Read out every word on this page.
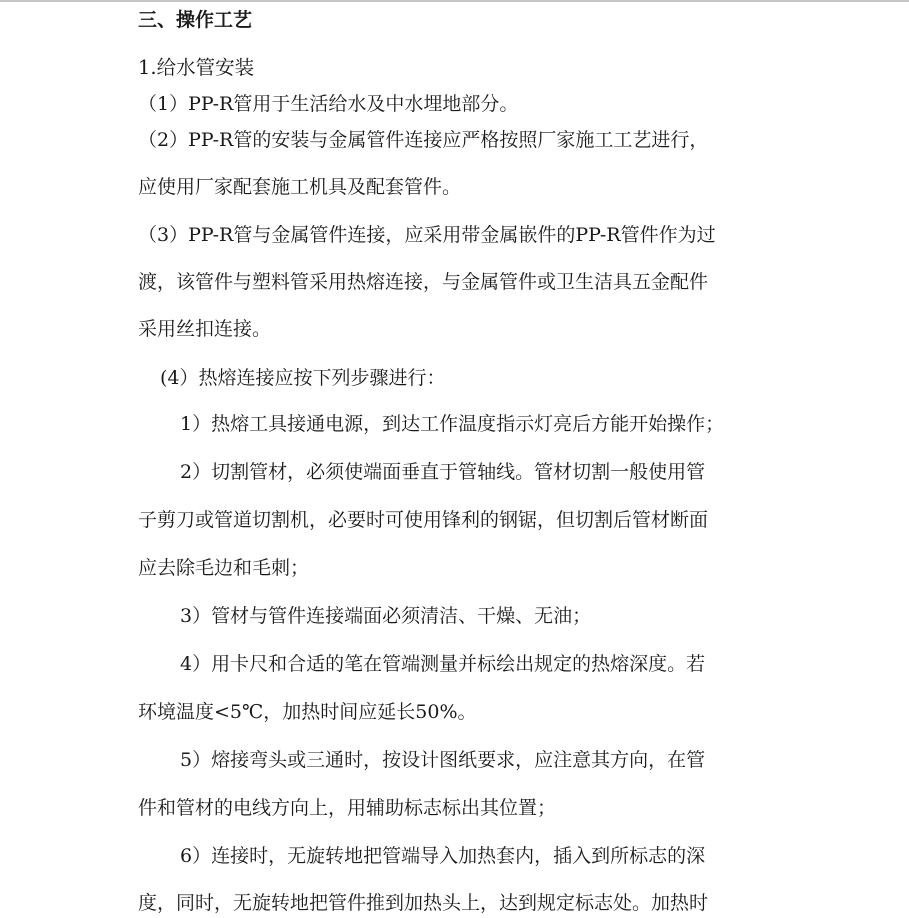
三、操作工艺
1.给水管安装
（1）PP-R管用于生活给水及中水埋地部分。
（2）PP-R管的安装与金属管件连接应严格按照厂家施工工艺进行，
应使用厂家配套施工机具及配套管件。
（3）PP-R管与金属管件连接，应采用带金属嵌件的PP-R管件作为过
渡，该管件与塑料管采用热熔连接，与金属管件或卫生洁具五金配件
采用丝扣连接。
(4）热熔连接应按下列步骤进行：
1）热熔工具接通电源，到达工作温度指示灯亮后方能开始操作；
2）切割管材，必须使端面垂直于管轴线。管材切割一般使用管
子剪刀或管道切割机，必要时可使用锋利的钢锯，但切割后管材断面
应去除毛边和毛刺；
3）管材与管件连接端面必须清洁、干燥、无油；
4）用卡尺和合适的笔在管端测量并标绘出规定的热熔深度。若
环境温度<5℃，加热时间应延长50%。
5）熔接弯头或三通时，按设计图纸要求，应注意其方向，在管
件和管材的电线方向上，用辅助标志标出其位置；
6）连接时，无旋转地把管端导入加热套内，插入到所标志的深
度，同时，无旋转地把管件推到加热头上，达到规定标志处。加热时
